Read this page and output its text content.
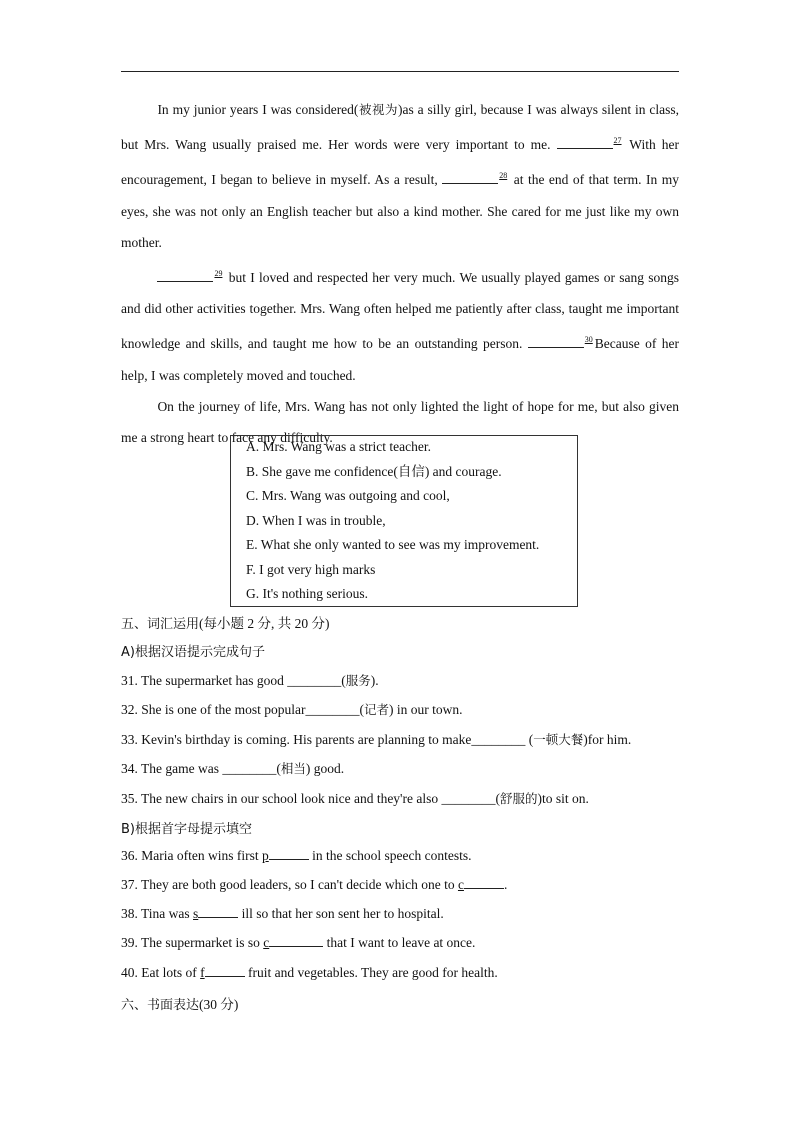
In my junior years I was considered(被视为)as a silly girl, because I was always silent in class, but Mrs. Wang usually praised me. Her words were very important to me.	$^{27}$ With her encouragement, I began to believe in myself. As a result,	$^{28}$ at the end of that term. In my eyes, she was not only an English teacher but also a kind mother. She cared for me just like my own mother.

$^{29}$ but I loved and respected her very much. We usually played games or sang songs and did other activities together. Mrs. Wang often helped me patiently after class, taught me important knowledge and skills, and taught me how to be an outstanding person.	$^{30}$ Because of her help, I was completely moved and touched.

On the journey of life, Mrs. Wang has not only lighted the light of hope for me, but also given me a strong heart to face any difficulty.

A. Mrs. Wang was a strict teacher.
B. She gave me confidence(自信) and courage.
C. Mrs. Wang was outgoing and cool,
D. When I was in trouble,
E. What she only wanted to see was my improvement.
F. I got very high marks
G. It's nothing serious.
五、词汇运用(每小题 2 分, 共 20 分)
A)根据汉语提示完成句子
31. The supermarket has good ________(服务).
32. She is one of the most popular________(记者) in our town.
33. Kevin's birthday is coming. His parents are planning to make________ (一顿大餐)for him.
34. The game was ________(相当) good.
35. The new chairs in our school look nice and they're also ________(舒服的)to sit on.
B)根据首字母提示填空
36. Maria often wins first p	in the school speech contests.
37. They are both good leaders, so I can't decide which one to c	.
38. Tina was s	ill so that her son sent her to hospital.
39. The supermarket is so c	that I want to leave at once.
40. Eat lots of f	fruit and vegetables. They are good for health.
六、书面表达(30 分)
